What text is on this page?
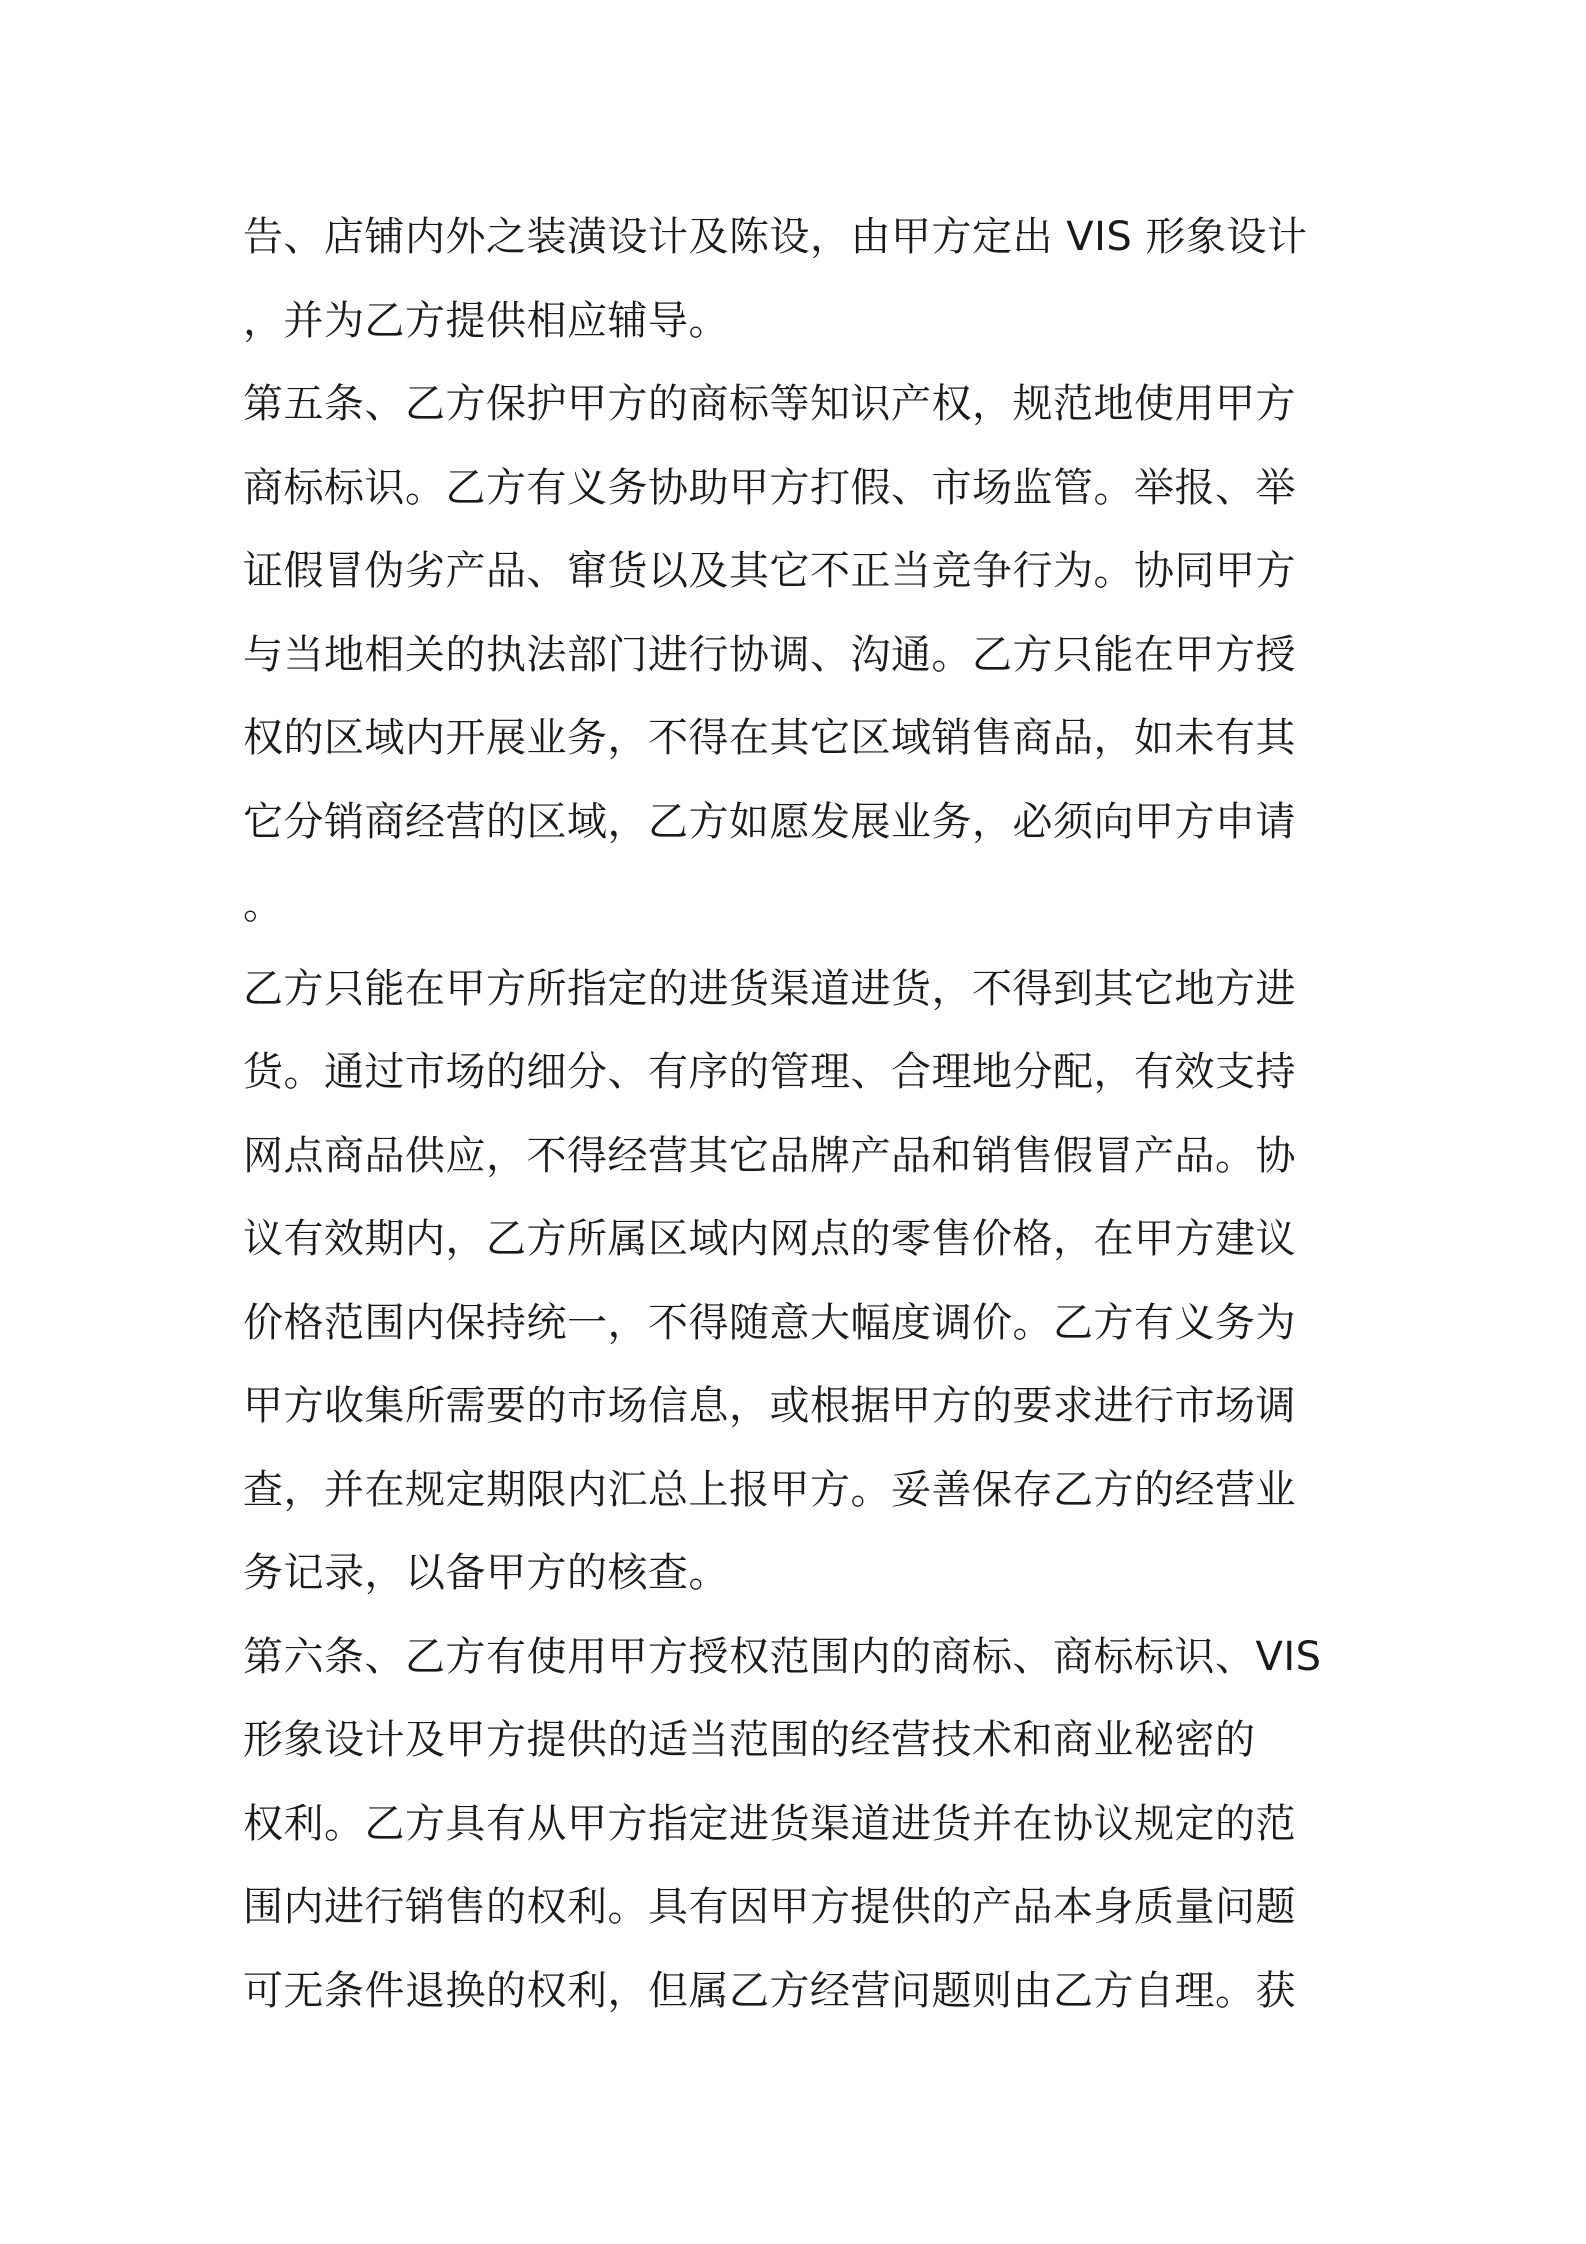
告、店铺内外之装潢设计及陈设，由甲方定出 VIS 形象设计
，并为乙方提供相应辅导。
第五条、乙方保护甲方的商标等知识产权，规范地使用甲方
商标标识。乙方有义务协助甲方打假、市场监管。举报、举
证假冒伪劣产品、窜货以及其它不正当竞争行为。协同甲方
与当地相关的执法部门进行协调、沟通。乙方只能在甲方授
权的区域内开展业务，不得在其它区域销售商品，如未有其
它分销商经营的区域，乙方如愿发展业务，必须向甲方申请
。
乙方只能在甲方所指定的进货渠道进货，不得到其它地方进
货。通过市场的细分、有序的管理、合理地分配，有效支持
网点商品供应，不得经营其它品牌产品和销售假冒产品。协
议有效期内，乙方所属区域内网点的零售价格，在甲方建议
价格范围内保持统一，不得随意大幅度调价。乙方有义务为
甲方收集所需要的市场信息，或根据甲方的要求进行市场调
查，并在规定期限内汇总上报甲方。妥善保存乙方的经营业
务记录，以备甲方的核查。
第六条、乙方有使用甲方授权范围内的商标、商标标识、VIS
形象设计及甲方提供的适当范围的经营技术和商业秘密的
权利。乙方具有从甲方指定进货渠道进货并在协议规定的范
围内进行销售的权利。具有因甲方提供的产品本身质量问题
可无条件退换的权利，但属乙方经营问题则由乙方自理。获
